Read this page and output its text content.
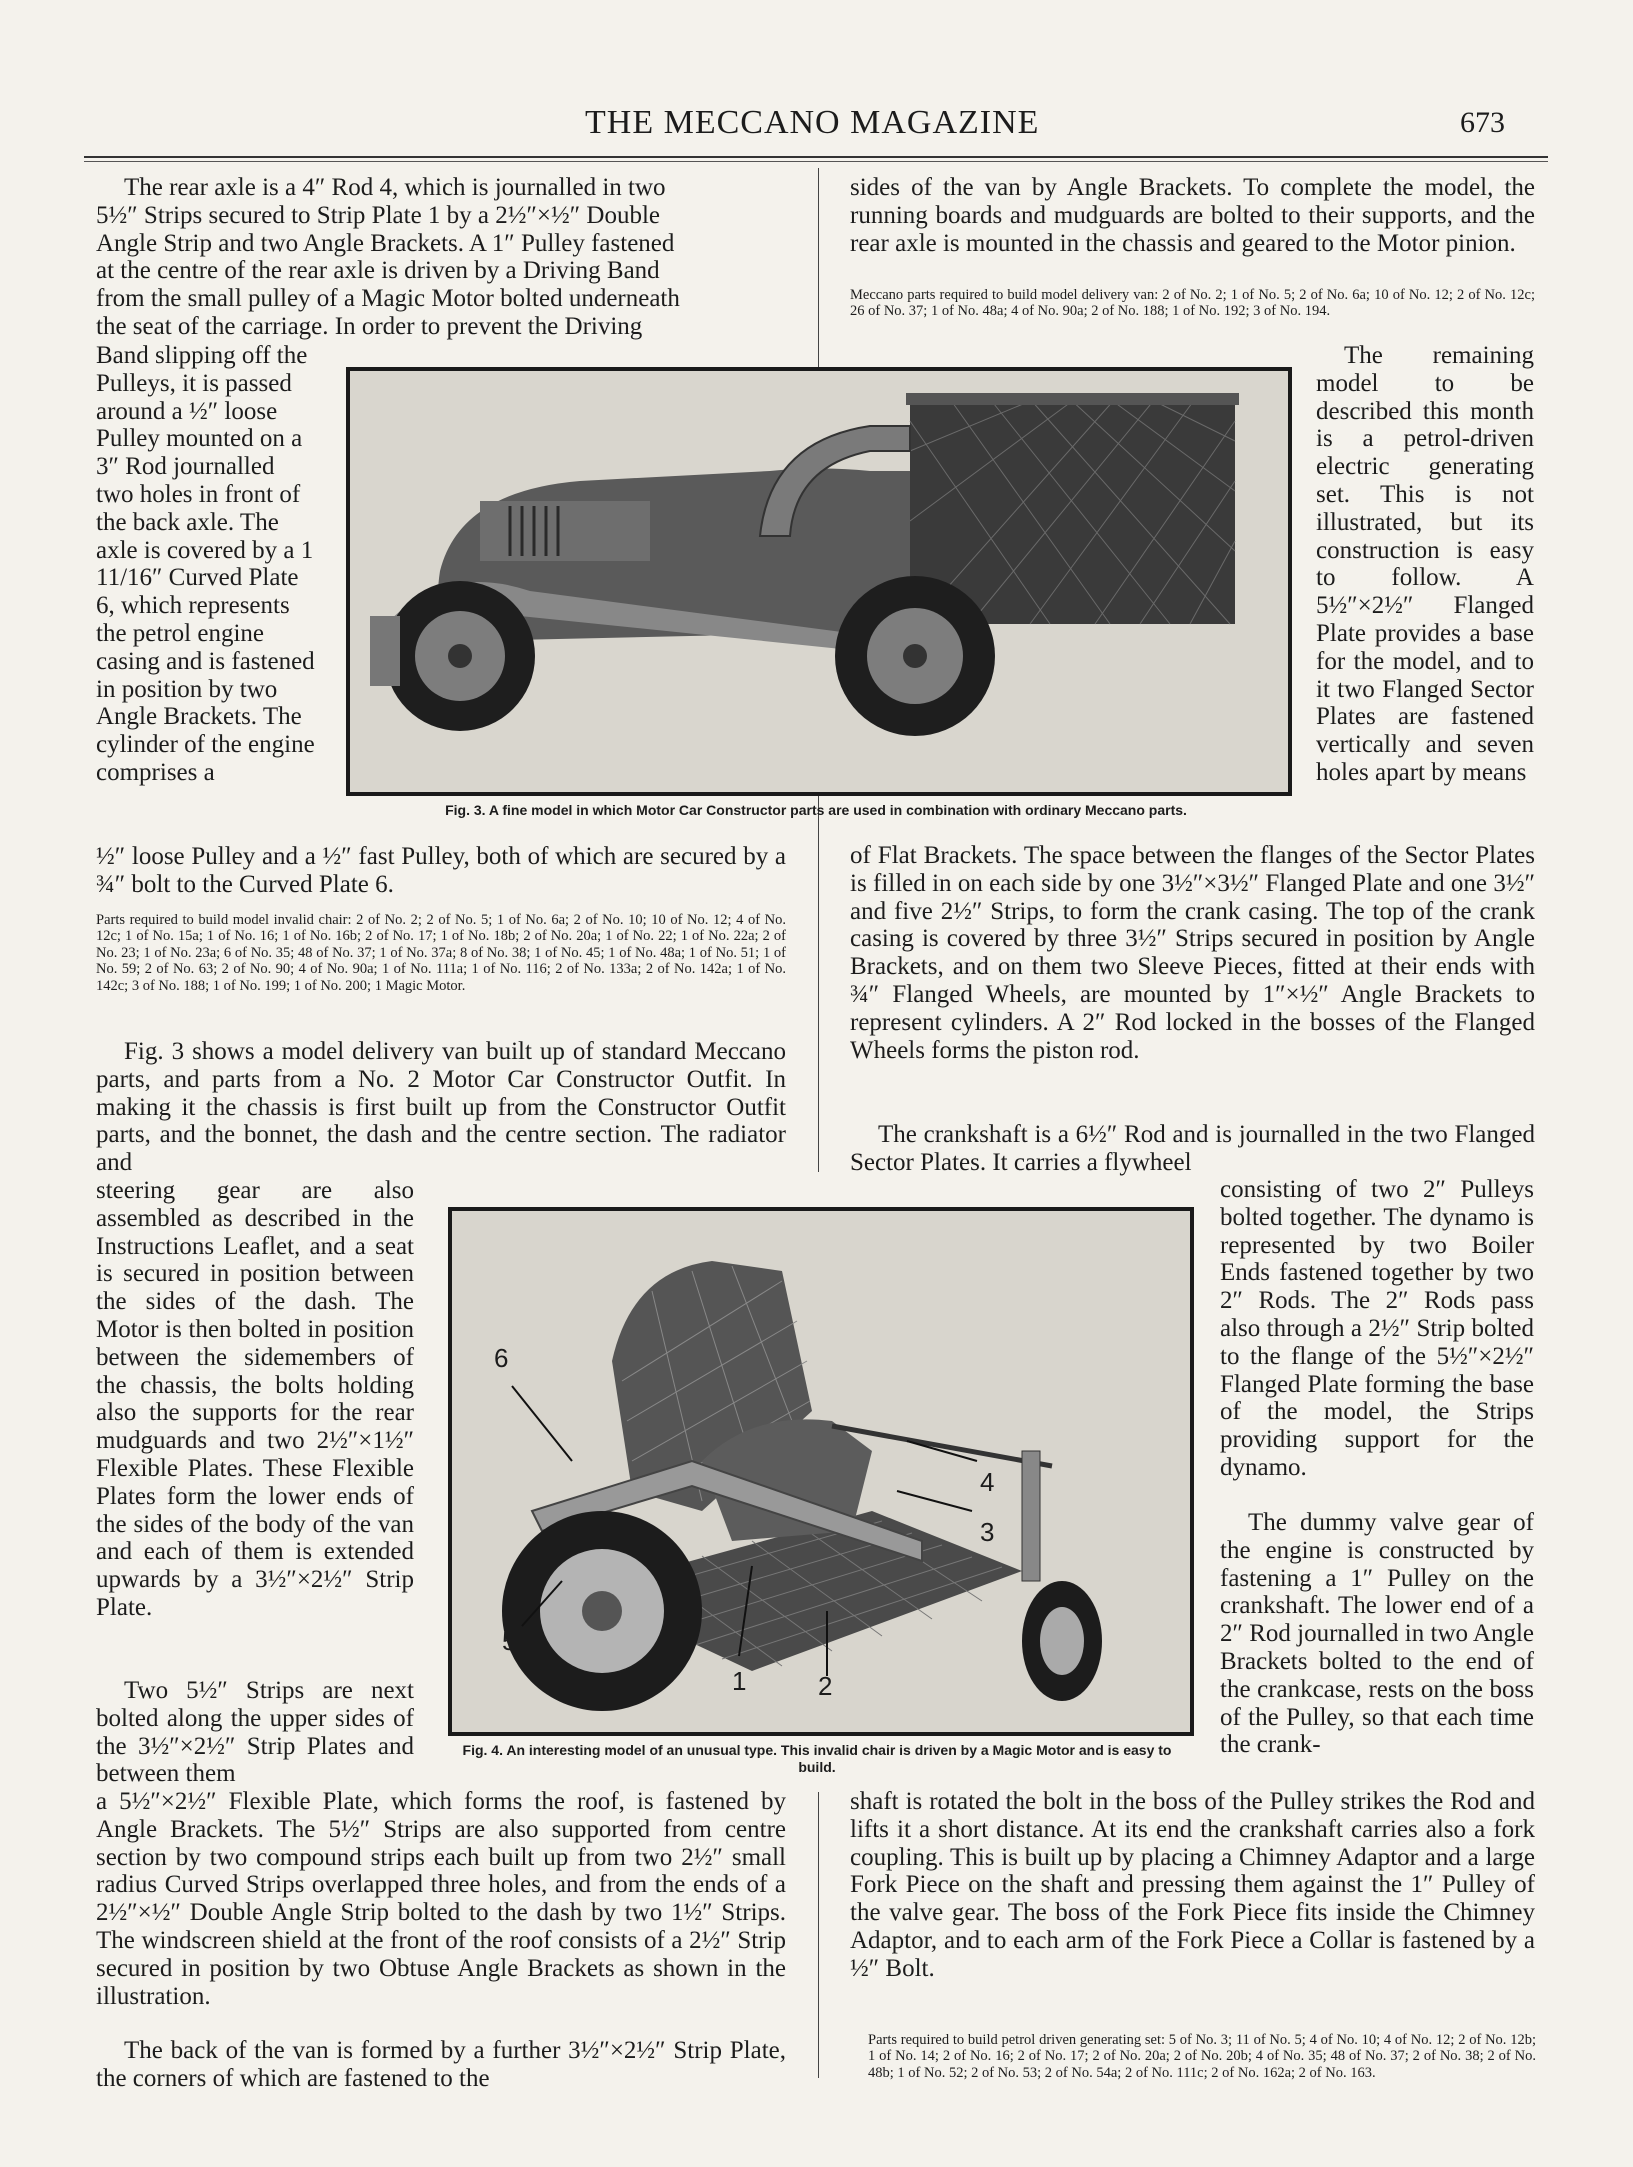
THE MECCANO MAGAZINE	673
The rear axle is a 4″ Rod 4, which is journalled in two
5½″ Strips secured to Strip Plate 1 by a 2½″×½″ Double
Angle Strip and two Angle Brackets. A 1″ Pulley fastened
at the centre of the rear axle is driven by a Driving Band
from the small pulley of a Magic Motor bolted underneath
the seat of the carriage. In order to prevent the Driving
Band slipping off the Pulleys, it is passed around a ½″ loose Pulley mounted on a 3″ Rod journalled two holes in front of the back axle. The axle is covered by a 1 11/16″ Curved Plate 6, which represents the petrol engine casing and is fastened in position by two Angle Brackets. The cylinder of the engine comprises a
½″ loose Pulley and a ½″ fast Pulley, both of which are secured by a ¾″ bolt to the Curved Plate 6.
Parts required to build model invalid chair: 2 of No. 2; 2 of No. 5; 1 of No. 6a; 2 of No. 10; 10 of No. 12; 4 of No. 12c; 1 of No. 15a; 1 of No. 16; 1 of No. 16b; 2 of No. 17; 1 of No. 18b; 2 of No. 20a; 1 of No. 22; 1 of No. 22a; 2 of No. 23; 1 of No. 23a; 6 of No. 35; 48 of No. 37; 1 of No. 37a; 8 of No. 38; 1 of No. 45; 1 of No. 48a; 1 of No. 51; 1 of No. 59; 2 of No. 63; 2 of No. 90; 4 of No. 90a; 1 of No. 111a; 1 of No. 116; 2 of No. 133a; 2 of No. 142a; 1 of No. 142c; 3 of No. 188; 1 of No. 199; 1 of No. 200; 1 Magic Motor.
Fig. 3 shows a model delivery van built up of standard Meccano parts, and parts from a No. 2 Motor Car Constructor Outfit. In making it the chassis is first built up from the Constructor Outfit parts, and the bonnet, the dash and the centre section. The radiator and
steering gear are also assembled as described in the Instructions Leaflet, and a seat is secured in position between the sides of the dash. The Motor is then bolted in position between the sidemembers of the chassis, the bolts holding also the supports for the rear mudguards and two 2½″×1½″ Flexible Plates. These Flexible Plates form the lower ends of the sides of the body of the van and each of them is extended upwards by a 3½″×2½″ Strip Plate.
Two 5½″ Strips are next bolted along the upper sides of the 3½″×2½″ Strip Plates and between them
a 5½″×2½″ Flexible Plate, which forms the roof, is fastened by Angle Brackets. The 5½″ Strips are also supported from centre section by two compound strips each built up from two 2½″ small radius Curved Strips overlapped three holes, and from the ends of a 2½″×½″ Double Angle Strip bolted to the dash by two 1½″ Strips. The windscreen shield at the front of the roof consists of a 2½″ Strip secured in position by two Obtuse Angle Brackets as shown in the illustration.
The back of the van is formed by a further 3½″×2½″ Strip Plate, the corners of which are fastened to the
sides of the van by Angle Brackets. To complete the model, the running boards and mudguards are bolted to their supports, and the rear axle is mounted in the chassis and geared to the Motor pinion.
Meccano parts required to build model delivery van: 2 of No. 2; 1 of No. 5; 2 of No. 6a; 10 of No. 12; 2 of No. 12c; 26 of No. 37; 1 of No. 48a; 4 of No. 90a; 2 of No. 188; 1 of No. 192; 3 of No. 194.
The remaining model to be described this month is a petrol-driven electric generating set. This is not illustrated, but its construction is easy to follow. A 5½″×2½″ Flanged Plate provides a base for the model, and to it two Flanged Sector Plates are fastened vertically and seven holes apart by means
of Flat Brackets. The space between the flanges of the Sector Plates is filled in on each side by one 3½″×3½″ Flanged Plate and one 3½″ and five 2½″ Strips, to form the crank casing. The top of the crank casing is covered by three 3½″ Strips secured in position by Angle Brackets, and on them two Sleeve Pieces, fitted at their ends with ¾″ Flanged Wheels, are mounted by 1″×½″ Angle Brackets to represent cylinders. A 2″ Rod locked in the bosses of the Flanged Wheels forms the piston rod.
The crankshaft is a 6½″ Rod and is journalled in the two Flanged Sector Plates. It carries a flywheel
consisting of two 2″ Pulleys bolted together. The dynamo is represented by two Boiler Ends fastened together by two 2″ Rods. The 2″ Rods pass also through a 2½″ Strip bolted to the flange of the 5½″×2½″ Flanged Plate forming the base of the model, the Strips providing support for the dynamo.
The dummy valve gear of the engine is constructed by fastening a 1″ Pulley on the crankshaft. The lower end of a 2″ Rod journalled in two Angle Brackets bolted to the end of the crankcase, rests on the boss of the Pulley, so that each time the crank-
shaft is rotated the bolt in the boss of the Pulley strikes the Rod and lifts it a short distance. At its end the crankshaft carries also a fork coupling. This is built up by placing a Chimney Adaptor and a large Fork Piece on the shaft and pressing them against the 1″ Pulley of the valve gear. The boss of the Fork Piece fits inside the Chimney Adaptor, and to each arm of the Fork Piece a Collar is fastened by a ½″ Bolt.
Parts required to build petrol driven generating set: 5 of No. 3; 11 of No. 5; 4 of No. 10; 4 of No. 12; 2 of No. 12b; 1 of No. 14; 2 of No. 16; 2 of No. 17; 2 of No. 20a; 2 of No. 20b; 4 of No. 35; 48 of No. 37; 2 of No. 38; 2 of No. 48b; 1 of No. 52; 2 of No. 53; 2 of No. 54a; 2 of No. 111c; 2 of No. 162a; 2 of No. 163.
Fig. 3. A fine model in which Motor Car Constructor parts are used in combination with ordinary Meccano parts.
6
4
3
5
1	2
Fig. 4. An interesting model of an unusual type. This invalid chair is driven by a Magic Motor and is easy to build.
